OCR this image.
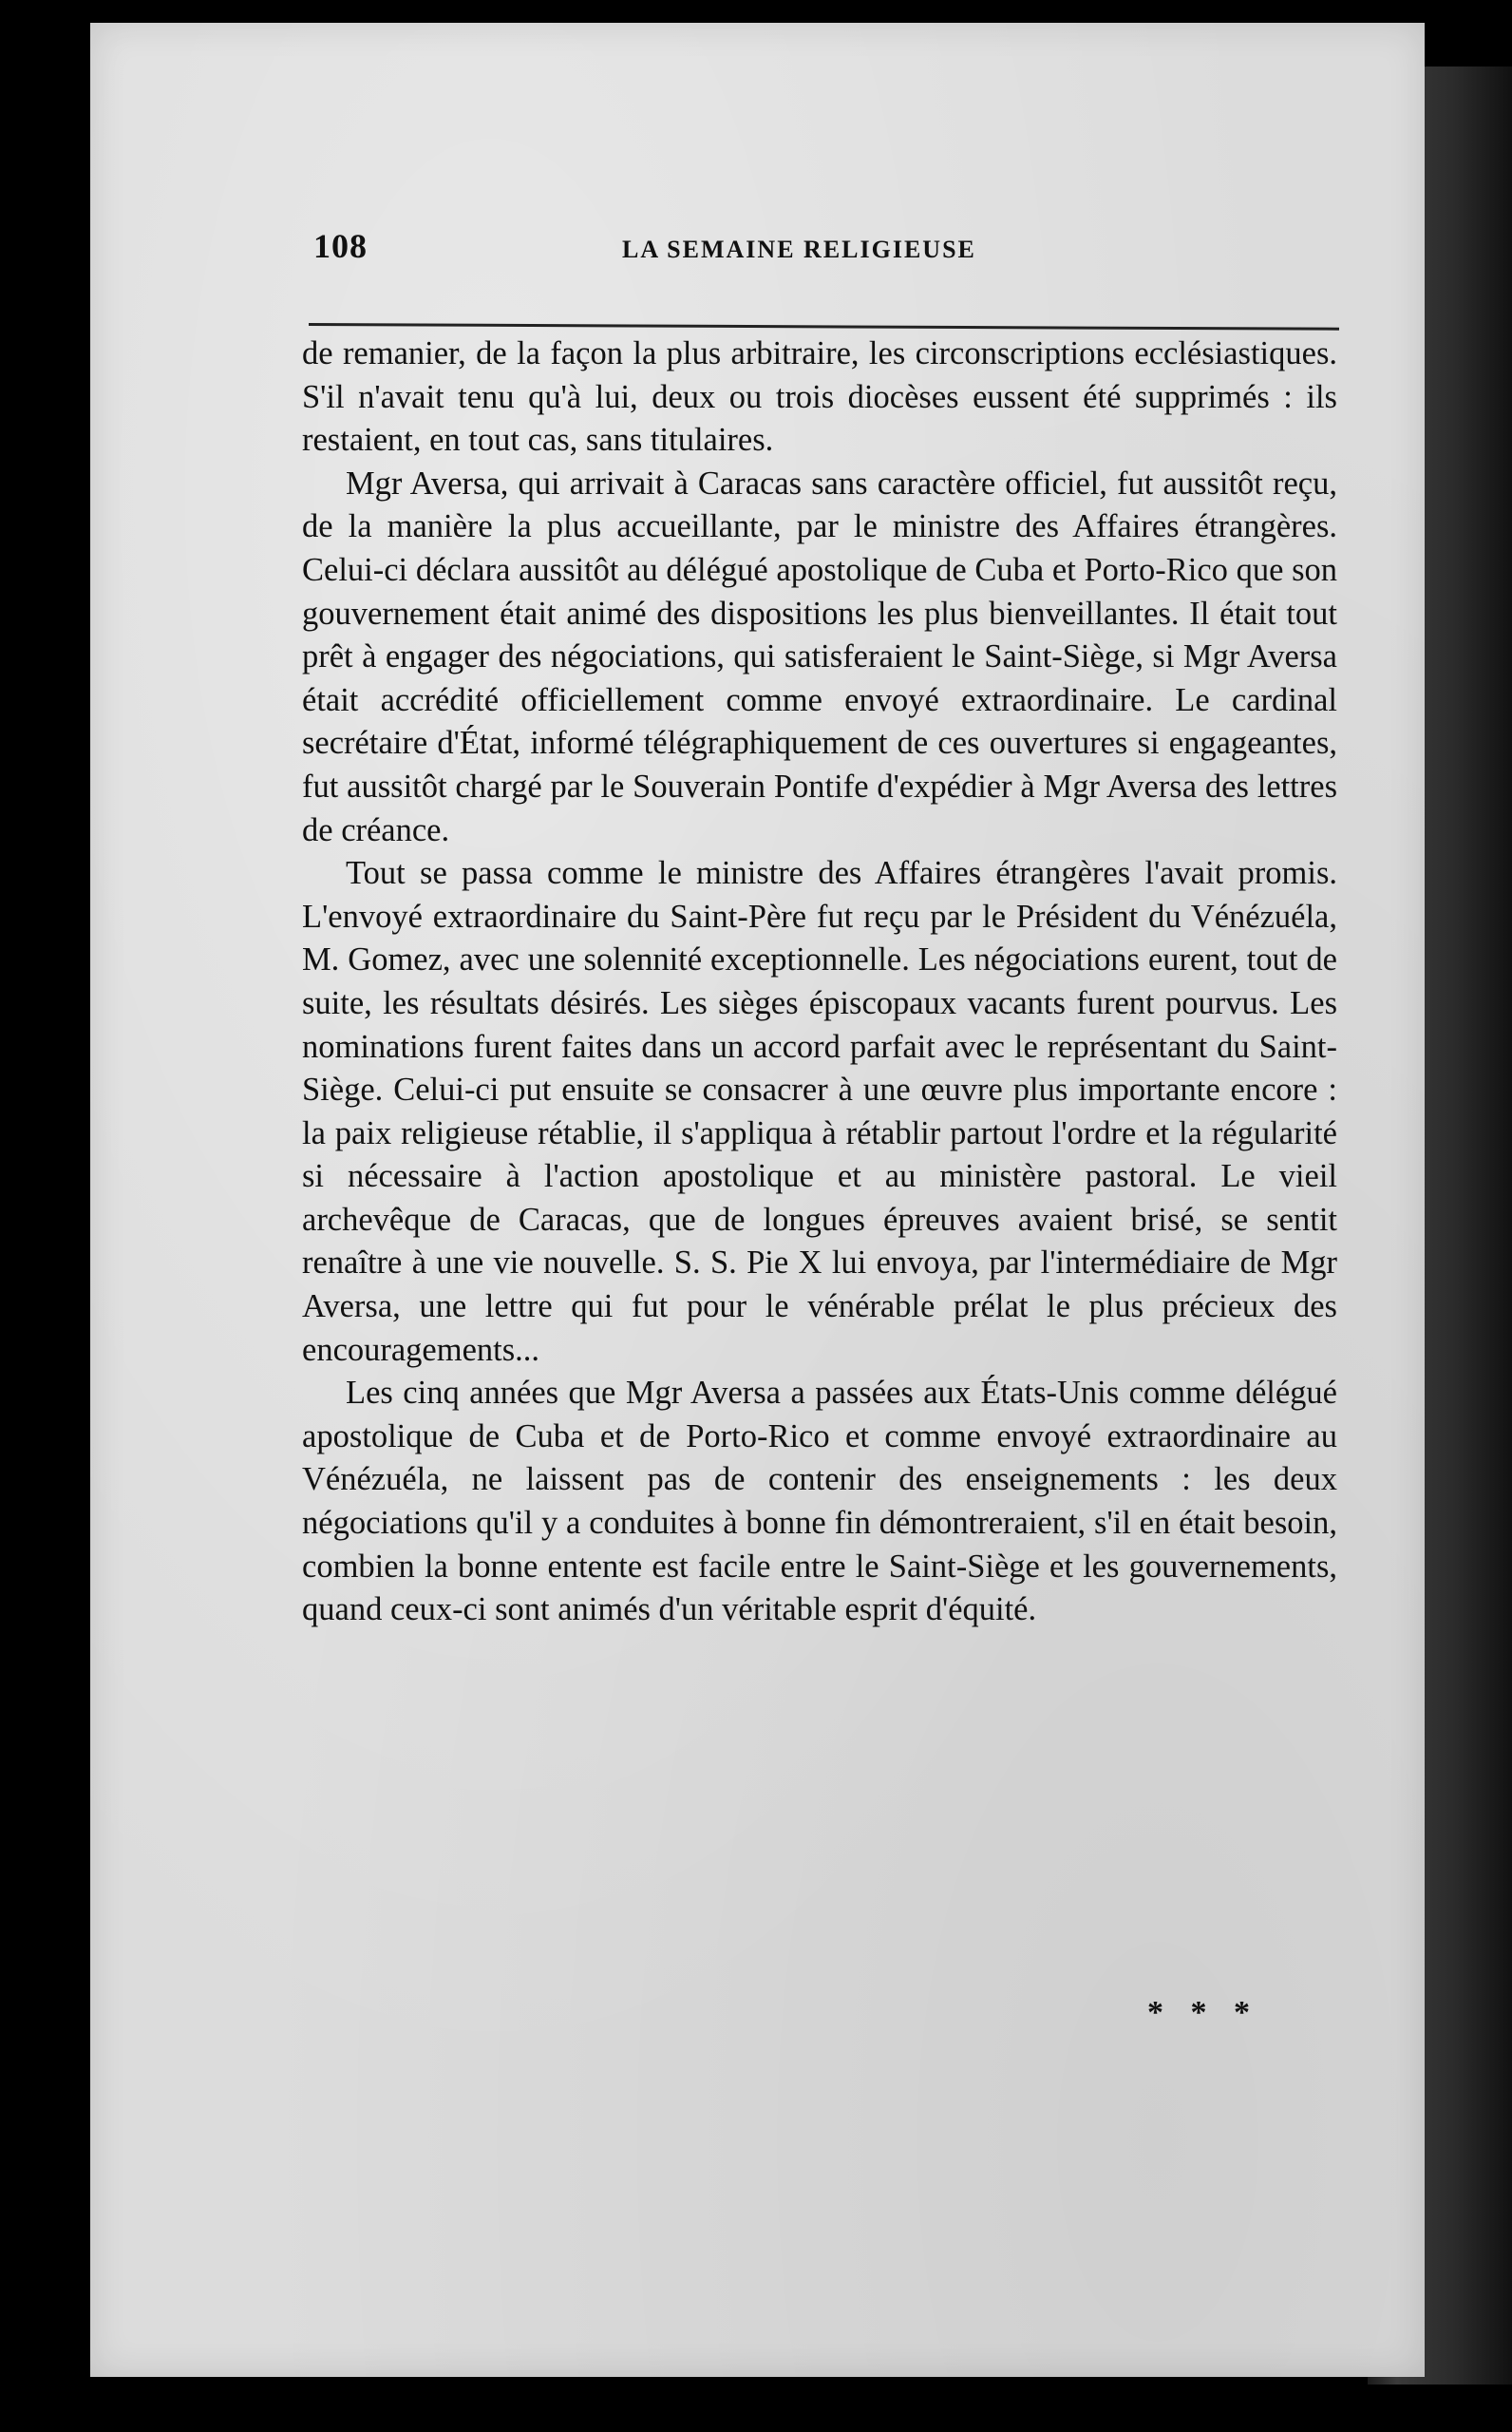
108	LA SEMAINE RELIGIEUSE

de remanier, de la façon la plus arbitraire, les circonscriptions ecclésiastiques. S'il n'avait tenu qu'à lui, deux ou trois diocèses eussent été supprimés : ils restaient, en tout cas, sans titulaires.

Mgr Aversa, qui arrivait à Caracas sans caractère officiel, fut aussitôt reçu, de la manière la plus accueillante, par le ministre des Affaires étrangères. Celui-ci déclara aussitôt au délégué apostolique de Cuba et Porto-Rico que son gouvernement était animé des dispositions les plus bienveillantes. Il était tout prêt à engager des négociations, qui satisferaient le Saint-Siège, si Mgr Aversa était accrédité officiellement comme envoyé extraordinaire. Le cardinal secrétaire d'État, informé télégraphiquement de ces ouvertures si engageantes, fut aussitôt chargé par le Souverain Pontife d'expédier à Mgr Aversa des lettres de créance.

Tout se passa comme le ministre des Affaires étrangères l'avait promis. L'envoyé extraordinaire du Saint-Père fut reçu par le Président du Vénézuéla, M. Gomez, avec une solennité exceptionnelle. Les négociations eurent, tout de suite, les résultats désirés. Les sièges épiscopaux vacants furent pourvus. Les nominations furent faites dans un accord parfait avec le représentant du Saint-Siège. Celui-ci put ensuite se consacrer à une œuvre plus importante encore : la paix religieuse rétablie, il s'appliqua à rétablir partout l'ordre et la régularité si nécessaire à l'action apostolique et au ministère pastoral. Le vieil archevêque de Caracas, que de longues épreuves avaient brisé, se sentit renaître à une vie nouvelle. S. S. Pie X lui envoya, par l'intermédiaire de Mgr Aversa, une lettre qui fut pour le vénérable prélat le plus précieux des encouragements...

Les cinq années que Mgr Aversa a passées aux États-Unis comme délégué apostolique de Cuba et de Porto-Rico et comme envoyé extraordinaire au Vénézuéla, ne laissent pas de contenir des enseignements : les deux négociations qu'il y a conduites à bonne fin démontreraient, s'il en était besoin, combien la bonne entente est facile entre le Saint-Siège et les gouvernements, quand ceux-ci sont animés d'un véritable esprit d'équité.

* * *
